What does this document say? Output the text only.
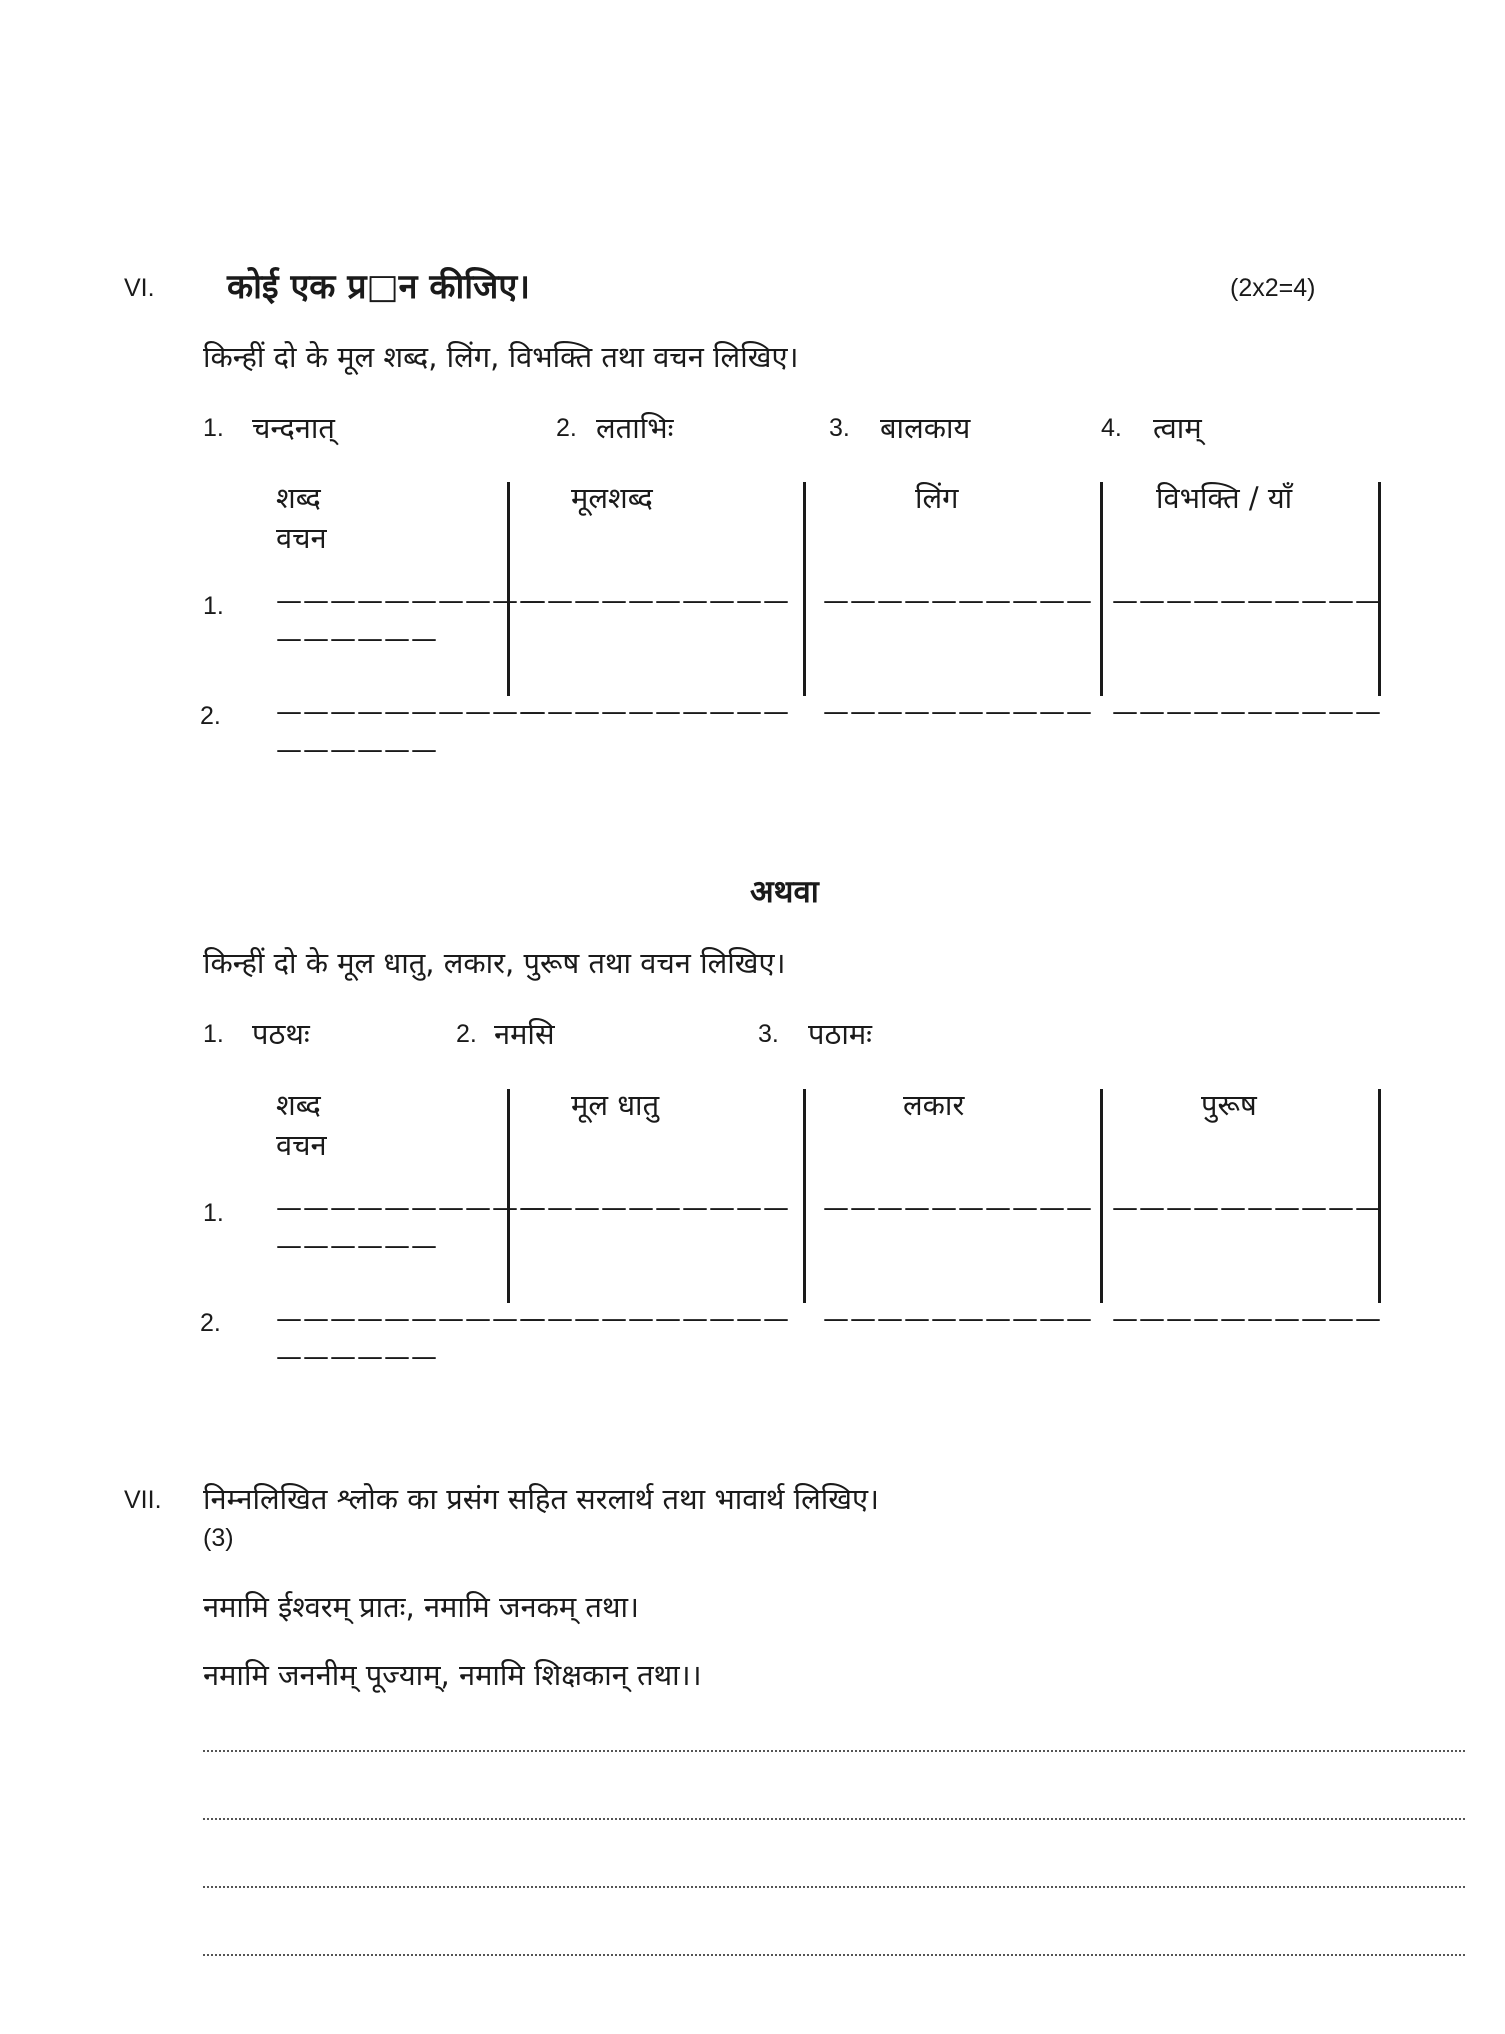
VI. कोई एक प्र□न कीजिए।	(2x2=4)
किन्हीं दो के मूल शब्द, लिंग, विभक्ति तथा वचन लिखिए।
1. चन्दनात्	2. लताभिः	3. बालकाय	4. त्वाम्
शब्द
वचन
मूलशब्द	लिंग	विभक्ति / याँ
1. ——————————
——————
—————————— —————————— ——————————
2. ——————————
——————
—————————— —————————— ——————————
अथवा
किन्हीं दो के मूल धातु, लकार, पुरूष तथा वचन लिखिए।
1. पठथः	2. नमसि	3. पठामः
शब्द
वचन
मूल धातु	लकार	पुरूष
1. ——————————
——————
—————————— —————————— ——————————
2. ——————————
——————
—————————— —————————— ——————————
VII. निम्नलिखित श्लोक का प्रसंग सहित सरलार्थ तथा भावार्थ लिखिए।
(3)
नमामि ईश्वरम् प्रातः, नमामि जनकम् तथा।
नमामि जननीम् पूज्याम्, नमामि शिक्षकान् तथा।।
